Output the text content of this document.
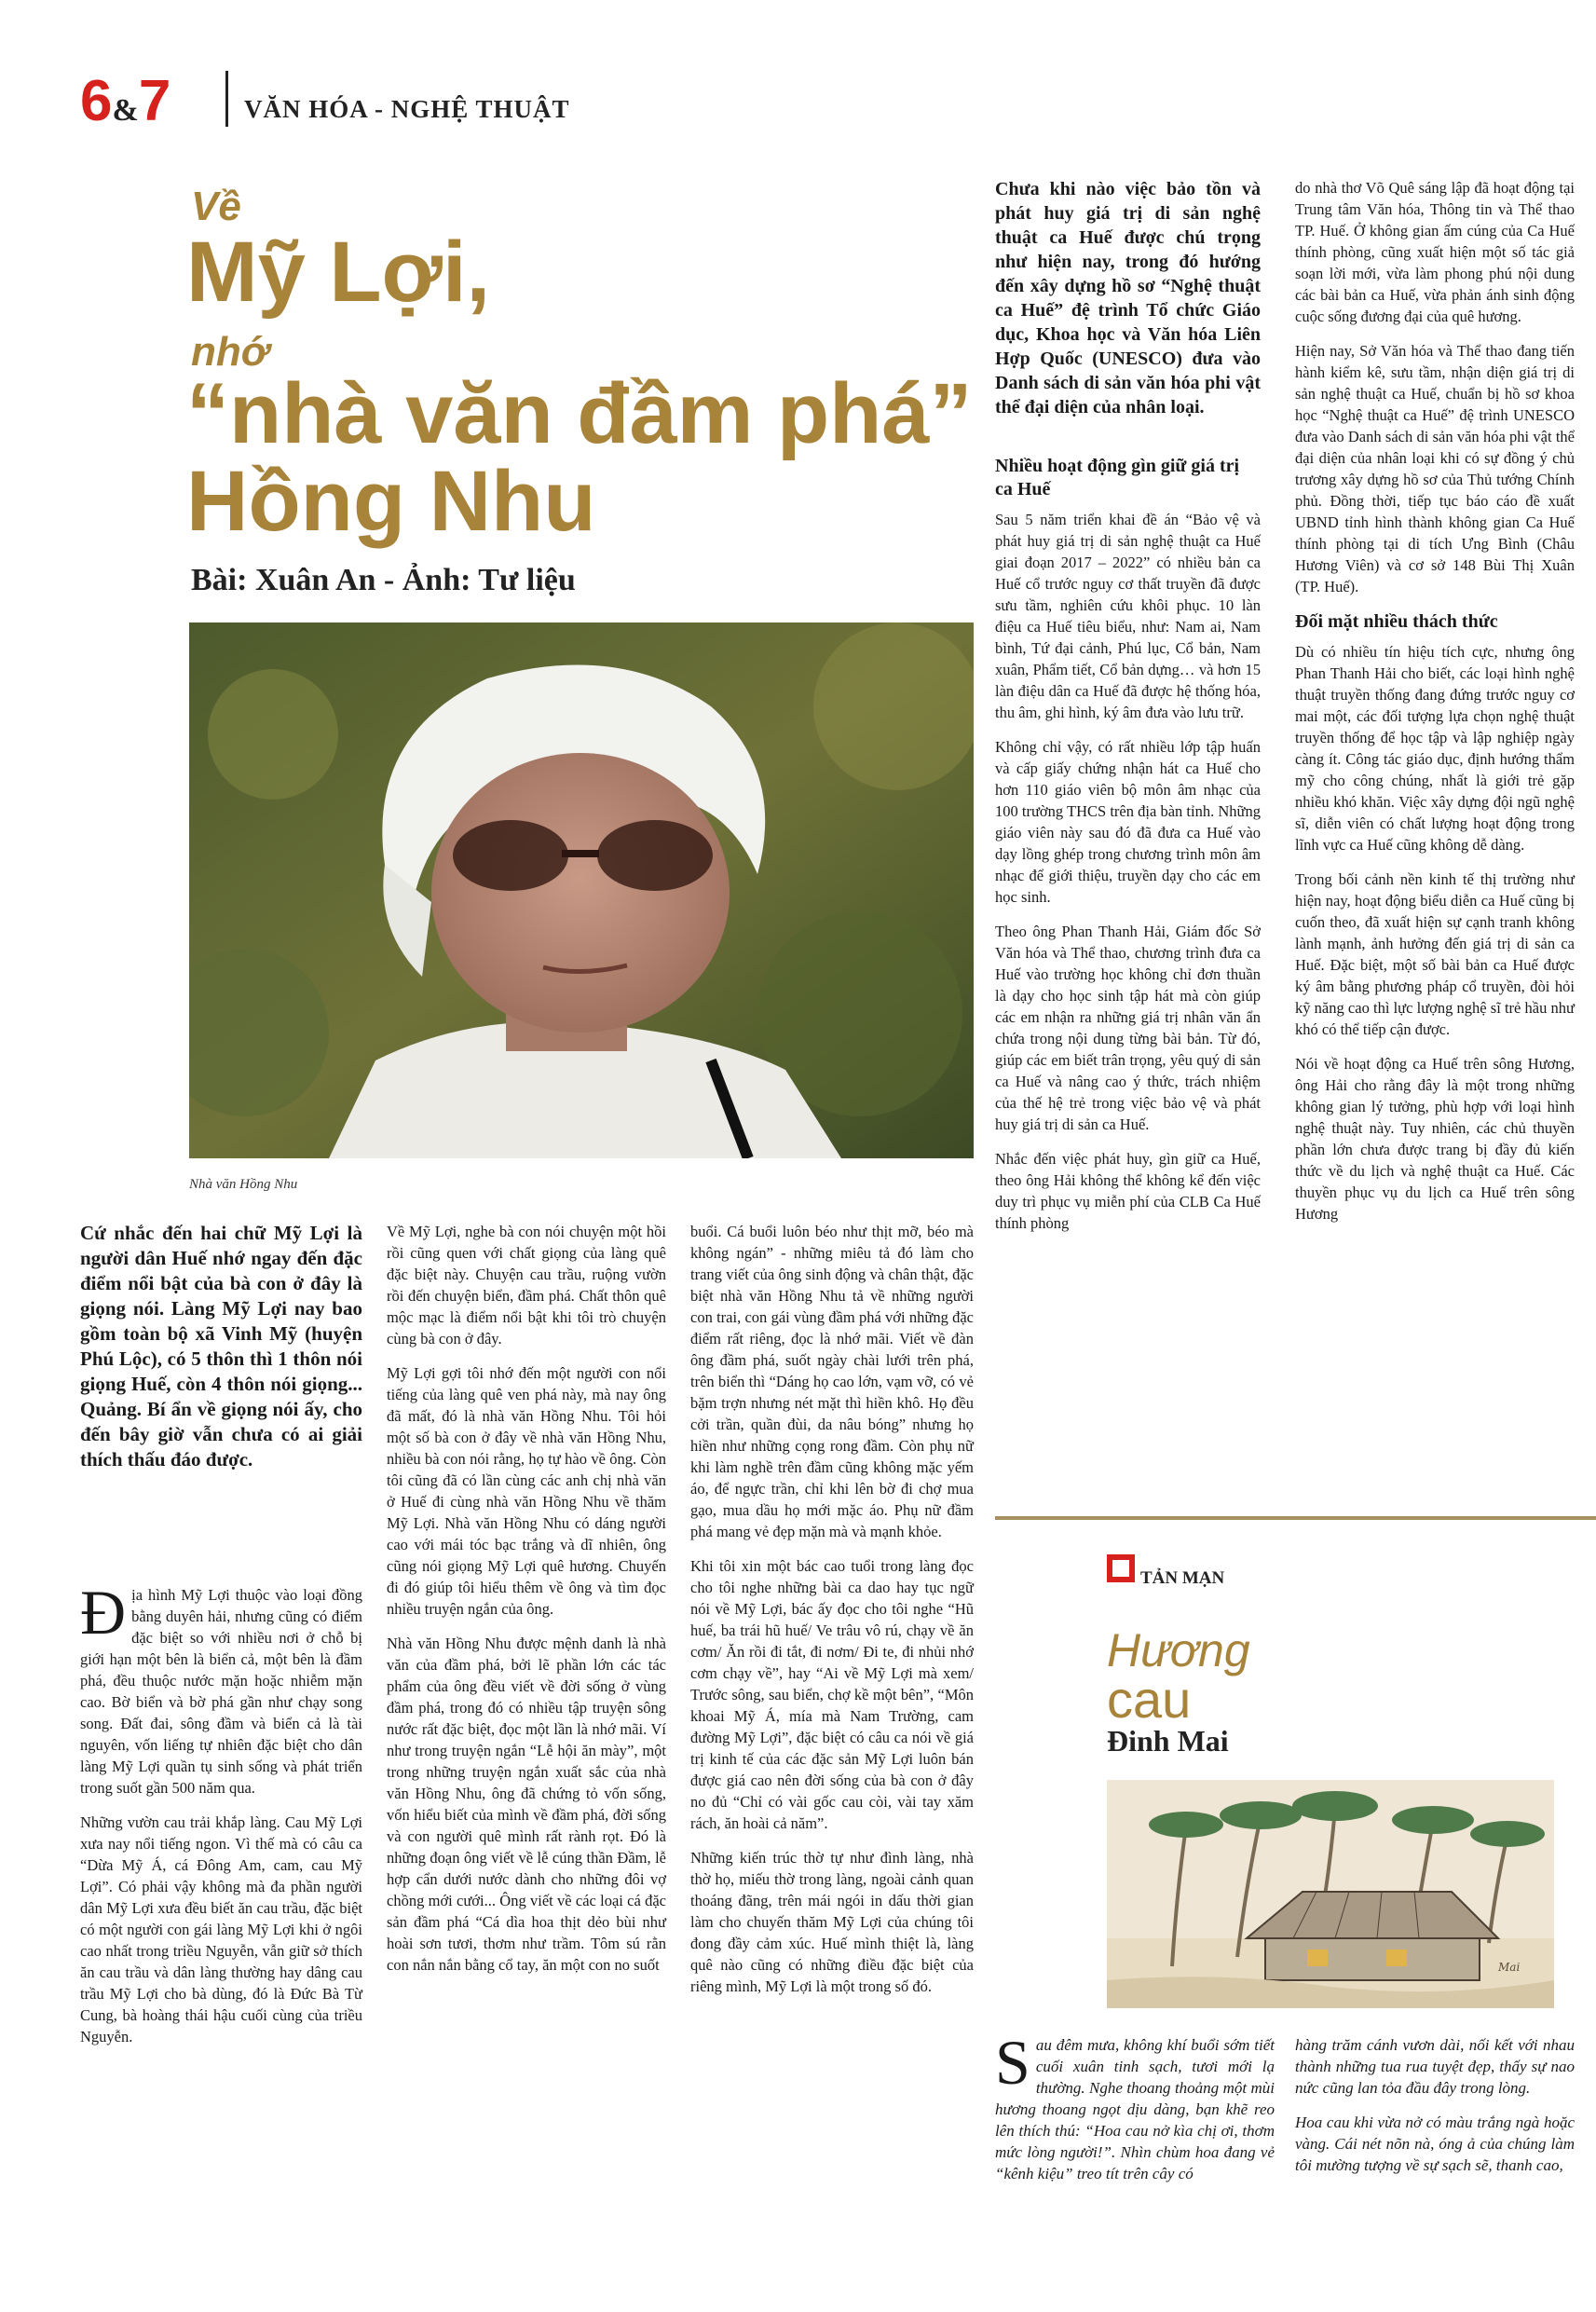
6&7	VĂN HÓA - NGHỆ THUẬT
Về
Mỹ Lợi,
nhớ
“nhà văn đầm phá”
Hồng Nhu
Bài: Xuân An - Ảnh: Tư liệu
Nhà văn Hồng Nhu
Cứ nhắc đến hai chữ Mỹ Lợi là người dân Huế nhớ ngay đến đặc điểm nổi bật của bà con ở đây là giọng nói. Làng Mỹ Lợi nay bao gồm toàn bộ xã Vinh Mỹ (huyện Phú Lộc), có 5 thôn thì 1 thôn nói giọng Huế, còn 4 thôn nói giọng... Quảng. Bí ẩn về giọng nói ấy, cho đến bây giờ vẫn chưa có ai giải thích thấu đáo được.

Địa hình Mỹ Lợi thuộc vào loại đồng bằng duyên hải, nhưng cũng có điểm đặc biệt so với nhiều nơi ở chỗ bị giới hạn một bên là biển cả, một bên là đầm phá, đều thuộc nước mặn hoặc nhiễm mặn cao. Bờ biển và bờ phá gần như chạy song song. Đất đai, sông đầm và biển cả là tài nguyên, vốn liếng tự nhiên đặc biệt cho dân làng Mỹ Lợi quần tụ sinh sống và phát triển trong suốt gần 500 năm qua.

Những vườn cau trải khắp làng. Cau Mỹ Lợi xưa nay nổi tiếng ngon. Vì thế mà có câu ca “Dừa Mỹ Á, cá Đông Am, cam, cau Mỹ Lợi”. Có phải vậy không mà đa phần người dân Mỹ Lợi xưa đều biết ăn cau trầu, đặc biệt có một người con gái làng Mỹ Lợi khi ở ngôi cao nhất trong triều Nguyễn, vẫn giữ sở thích ăn cau trầu và dân làng thường hay dâng cau trầu Mỹ Lợi cho bà dùng, đó là Đức Bà Từ Cung, bà hoàng thái hậu cuối cùng của triều Nguyễn.

Về Mỹ Lợi, nghe bà con nói chuyện một hồi rồi cũng quen với chất giọng của làng quê đặc biệt này. Chuyện cau trầu, ruộng vườn rồi đến chuyện biển, đầm phá. Chất thôn quê mộc mạc là điểm nổi bật khi tôi trò chuyện cùng bà con ở đây.

Mỹ Lợi gợi tôi nhớ đến một người con nổi tiếng của làng quê ven phá này, mà nay ông đã mất, đó là nhà văn Hồng Nhu. Tôi hỏi một số bà con ở đây về nhà văn Hồng Nhu, nhiều bà con nói rằng, họ tự hào về ông. Còn tôi cũng đã có lần cùng các anh chị nhà văn ở Huế đi cùng nhà văn Hồng Nhu về thăm Mỹ Lợi. Nhà văn Hồng Nhu có dáng người cao với mái tóc bạc trắng và dĩ nhiên, ông cũng nói giọng Mỹ Lợi quê hương. Chuyến đi đó giúp tôi hiểu thêm về ông và tìm đọc nhiều truyện ngắn của ông.

Nhà văn Hồng Nhu được mệnh danh là nhà văn của đầm phá, bởi lẽ phần lớn các tác phẩm của ông đều viết về đời sống ở vùng đầm phá, trong đó có nhiều tập truyện sông nước rất đặc biệt, đọc một lần là nhớ mãi. Ví như trong truyện ngắn “Lễ hội ăn mày”, một trong những truyện ngắn xuất sắc của nhà văn Hồng Nhu, ông đã chứng tỏ vốn sống, vốn hiểu biết của mình về đầm phá, đời sống và con người quê mình rất rành rọt. Đó là những đoạn ông viết về lễ cúng thần Đầm, lễ hợp cẩn dưới nước dành cho những đôi vợ chồng mới cưới... Ông viết về các loại cá đặc sản đầm phá “Cá dìa hoa thịt dẻo bùi như hoài sơn tươi, thơm như trầm. Tôm sú rằn con nắn nắn bằng cổ tay, ăn một con no suốt

buổi. Cá buổi luôn béo như thịt mỡ, béo mà không ngán” - những miêu tả đó làm cho trang viết của ông sinh động và chân thật, đặc biệt nhà văn Hồng Nhu tả về những người con trai, con gái vùng đầm phá với những đặc điểm rất riêng, đọc là nhớ mãi. Viết về đàn ông đầm phá, suốt ngày chài lưới trên phá, trên biển thì “Dáng họ cao lớn, vạm vỡ, có vẻ bặm trợn nhưng nét mặt thì hiền khô. Họ đều cởi trần, quần đùi, da nâu bóng” nhưng họ hiền như những cọng rong đầm. Còn phụ nữ khi làm nghề trên đầm cũng không mặc yếm áo, để ngực trần, chỉ khi lên bờ đi chợ mua gạo, mua dầu họ mới mặc áo. Phụ nữ đầm phá mang vẻ đẹp mặn mà và mạnh khỏe.

Khi tôi xin một bác cao tuổi trong làng đọc cho tôi nghe những bài ca dao hay tục ngữ nói về Mỹ Lợi, bác ấy đọc cho tôi nghe “Hũ huế, ba trái hũ huế/ Ve trâu vô rú, chạy về ăn cơm/ Ăn rồi đi tắt, đi nơm/ Đi te, đi nhủi nhớ cơm chạy về”, hay “Ai về Mỹ Lợi mà xem/ Trước sông, sau biển, chợ kề một bên”, “Môn khoai Mỹ Á, mía mà Nam Trường, cam đường Mỹ Lợi”, đặc biệt có câu ca nói về giá trị kinh tế của các đặc sản Mỹ Lợi luôn bán được giá cao nên đời sống của bà con ở đây no đủ “Chỉ có vài gốc cau còi, vài tay xăm rách, ăn hoài cả năm”.

Những kiến trúc thờ tự như đình làng, nhà thờ họ, miếu thờ trong làng, ngoài cảnh quan thoáng đãng, trên mái ngói in dấu thời gian làm cho chuyến thăm Mỹ Lợi của chúng tôi đong đầy cảm xúc. Huế mình thiệt là, làng quê nào cũng có những điều đặc biệt của riêng mình, Mỹ Lợi là một trong số đó.

Chưa khi nào việc bảo tồn và phát huy giá trị di sản nghệ thuật ca Huế được chú trọng như hiện nay, trong đó hướng đến xây dựng hồ sơ “Nghệ thuật ca Huế” đệ trình Tổ chức Giáo dục, Khoa học và Văn hóa Liên Hợp Quốc (UNESCO) đưa vào Danh sách di sản văn hóa phi vật thể đại diện của nhân loại.
Nhiều hoạt động gìn giữ giá trị ca Huế

Sau 5 năm triển khai đề án “Bảo vệ và phát huy giá trị di sản nghệ thuật ca Huế giai đoạn 2017 – 2022” có nhiều bản ca Huế cổ trước nguy cơ thất truyền đã được sưu tầm, nghiên cứu khôi phục. 10 làn điệu ca Huế tiêu biểu, như: Nam ai, Nam bình, Tứ đại cảnh, Phú lục, Cổ bản, Nam xuân, Phẩm tiết, Cổ bản dựng… và hơn 15 làn điệu dân ca Huế đã được hệ thống hóa, thu âm, ghi hình, ký âm đưa vào lưu trữ.

Không chỉ vậy, có rất nhiều lớp tập huấn và cấp giấy chứng nhận hát ca Huế cho hơn 110 giáo viên bộ môn âm nhạc của 100 trường THCS trên địa bàn tỉnh. Những giáo viên này sau đó đã đưa ca Huế vào dạy lồng ghép trong chương trình môn âm nhạc để giới thiệu, truyền dạy cho các em học sinh.

Theo ông Phan Thanh Hải, Giám đốc Sở Văn hóa và Thể thao, chương trình đưa ca Huế vào trường học không chỉ đơn thuần là dạy cho học sinh tập hát mà còn giúp các em nhận ra những giá trị nhân văn ẩn chứa trong nội dung từng bài bản. Từ đó, giúp các em biết trân trọng, yêu quý di sản ca Huế và nâng cao ý thức, trách nhiệm của thế hệ trẻ trong việc bảo vệ và phát huy giá trị di sản ca Huế.

Nhắc đến việc phát huy, gìn giữ ca Huế, theo ông Hải không thể không kể đến việc duy trì phục vụ miễn phí của CLB Ca Huế thính phòng

do nhà thơ Võ Quê sáng lập đã hoạt động tại Trung tâm Văn hóa, Thông tin và Thể thao TP. Huế. Ở không gian ấm cúng của Ca Huế thính phòng, cũng xuất hiện một số tác giả soạn lời mới, vừa làm phong phú nội dung các bài bản ca Huế, vừa phản ánh sinh động cuộc sống đương đại của quê hương.

Hiện nay, Sở Văn hóa và Thể thao đang tiến hành kiểm kê, sưu tầm, nhận diện giá trị di sản nghệ thuật ca Huế, chuẩn bị hồ sơ khoa học “Nghệ thuật ca Huế” đệ trình UNESCO đưa vào Danh sách di sản văn hóa phi vật thể đại diện của nhân loại khi có sự đồng ý chủ trương xây dựng hồ sơ của Thủ tướng Chính phủ. Đồng thời, tiếp tục báo cáo đề xuất UBND tỉnh hình thành không gian Ca Huế thính phòng tại di tích Ưng Bình (Châu Hương Viên) và cơ sở 148 Bùi Thị Xuân (TP. Huế).

Đối mặt nhiều thách thức

Dù có nhiều tín hiệu tích cực, nhưng ông Phan Thanh Hải cho biết, các loại hình nghệ thuật truyền thống đang đứng trước nguy cơ mai một, các đối tượng lựa chọn nghệ thuật truyền thống để học tập và lập nghiệp ngày càng ít. Công tác giáo dục, định hướng thẩm mỹ cho công chúng, nhất là giới trẻ gặp nhiều khó khăn. Việc xây dựng đội ngũ nghệ sĩ, diễn viên có chất lượng hoạt động trong lĩnh vực ca Huế cũng không dễ dàng.

Trong bối cảnh nền kinh tế thị trường như hiện nay, hoạt động biểu diễn ca Huế cũng bị cuốn theo, đã xuất hiện sự cạnh tranh không lành mạnh, ảnh hưởng đến giá trị di sản ca Huế. Đặc biệt, một số bài bản ca Huế được ký âm bằng phương pháp cổ truyền, đòi hỏi kỹ năng cao thì lực lượng nghệ sĩ trẻ hầu như khó có thể tiếp cận được.

Nói về hoạt động ca Huế trên sông Hương, ông Hải cho rằng đây là một trong những không gian lý tưởng, phù hợp với loại hình nghệ thuật này. Tuy nhiên, các chủ thuyền phần lớn chưa được trang bị đầy đủ kiến thức về du lịch và nghệ thuật ca Huế. Các thuyền phục vụ du lịch ca Huế trên sông Hương

TẢN MẠN
Hương
cau
Đinh Mai
Mai

Sau đêm mưa, không khí buổi sớm tiết cuối xuân tinh sạch, tươi mới lạ thường. Nghe thoang thoảng một mùi hương thoang ngọt dịu dàng, bạn khẽ reo lên thích thú: “Hoa cau nở kìa chị ơi, thơm mức lòng người!”. Nhìn chùm hoa đang vẻ “kênh kiệu” treo tít trên cây có

hàng trăm cánh vươn dài, nối kết với nhau thành những tua rua tuyệt đẹp, thấy sự nao nức cũng lan tỏa đầu đây trong lòng.

Hoa cau khi vừa nở có màu trắng ngà hoặc vàng. Cái nét nõn nà, óng ả của chúng làm tôi mường tượng về sự sạch sẽ, thanh cao,
